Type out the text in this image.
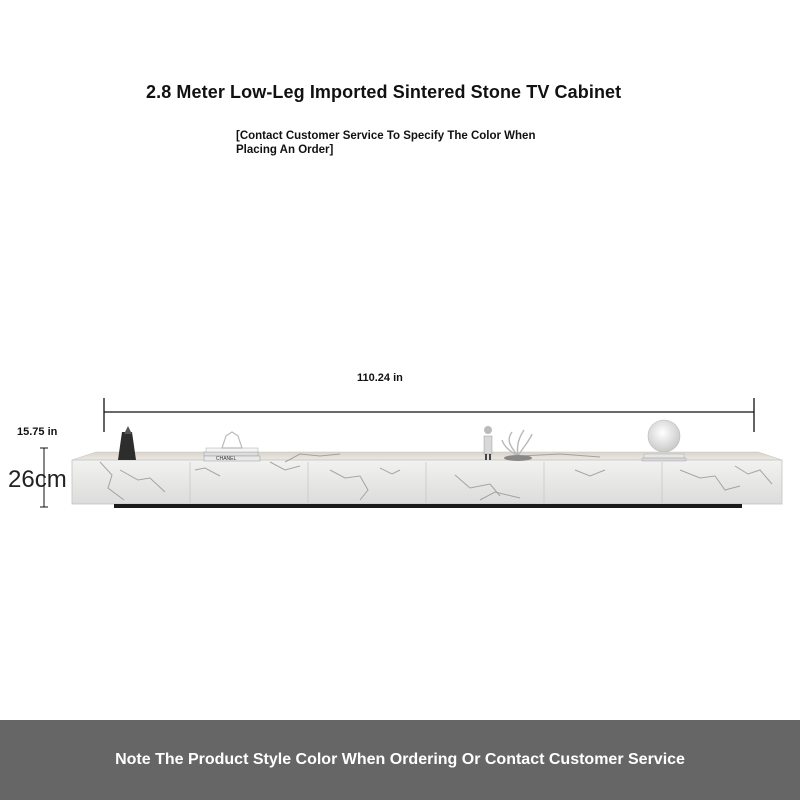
2.8 Meter Low-Leg Imported Sintered Stone TV Cabinet
[Contact Customer Service To Specify The Color When Placing An Order]
110.24 in
15.75 in
26cm
CHANEL
Note The Product Style Color When Ordering Or Contact Customer Service
